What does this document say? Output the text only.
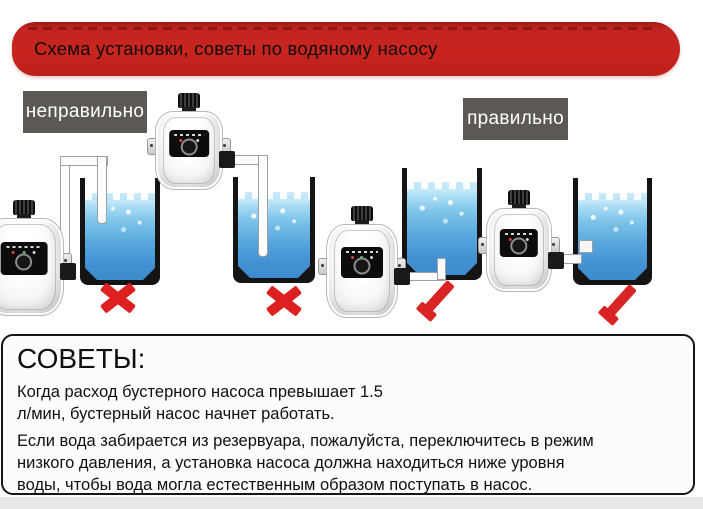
Схема установки, советы по водяному насосу
неправильно	правильно
СОВЕТЫ:
Когда расход бустерного насоса превышает 1.5
л/мин, бустерный насос начнет работать.
Если вода забирается из резервуара, пожалуйста, переключитесь в режим
низкого давления, а установка насоса должна находиться ниже уровня
воды, чтобы вода могла естественным образом поступать в насос.
